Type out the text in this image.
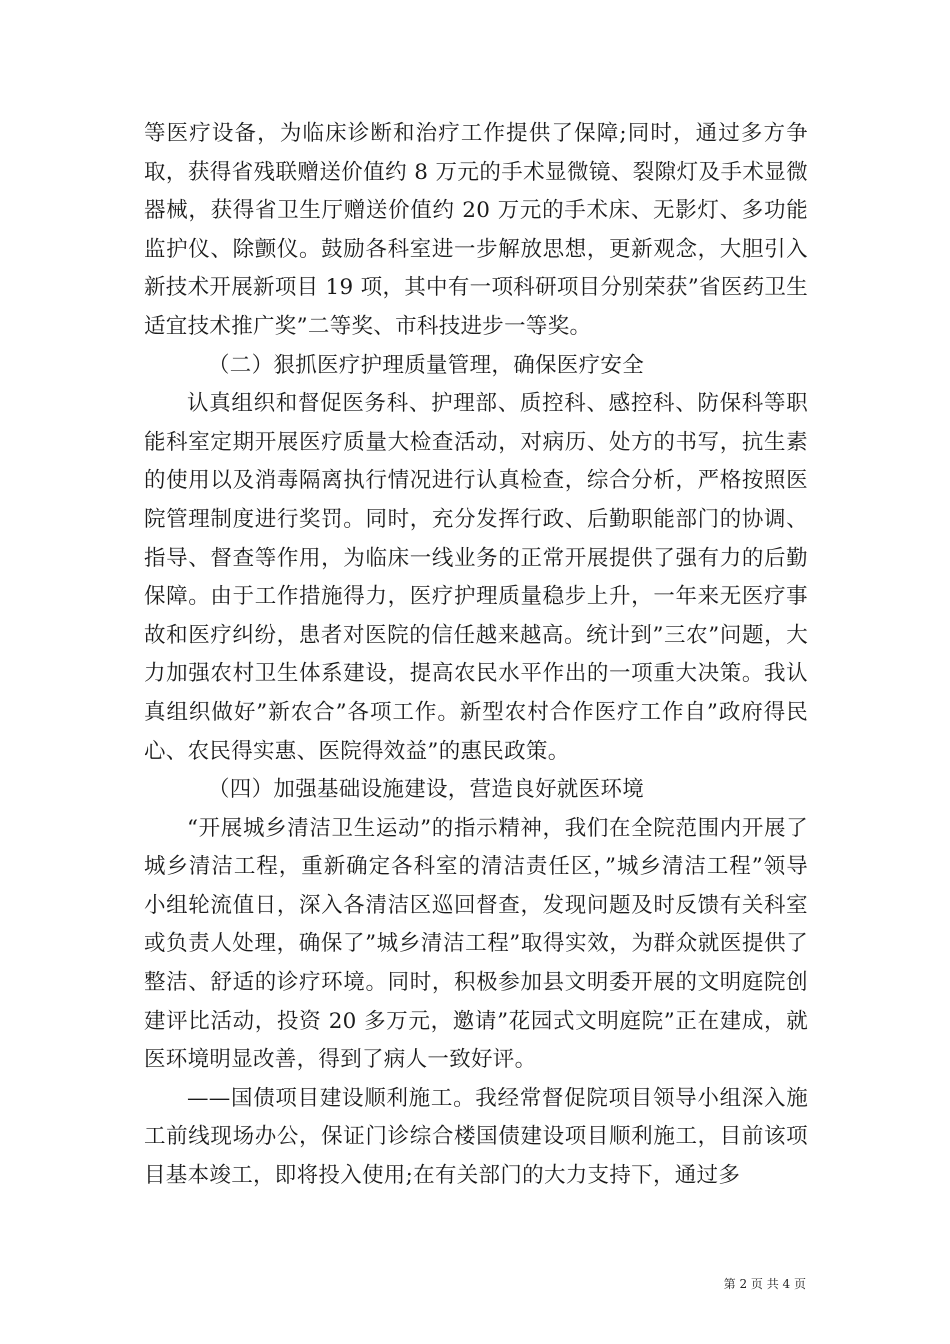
等医疗设备，为临床诊断和治疗工作提供了保障;同时，通过多方争取，获得省残联赠送价值约 8 万元的手术显微镜、裂隙灯及手术显微器械，获得省卫生厅赠送价值约 20 万元的手术床、无影灯、多功能监护仪、除颤仪。鼓励各科室进一步解放思想，更新观念，大胆引入新技术开展新项目 19 项，其中有一项科研项目分别荣获”省医药卫生适宜技术推广奖”二等奖、市科技进步一等奖。

（二）狠抓医疗护理质量管理，确保医疗安全

认真组织和督促医务科、护理部、质控科、感控科、防保科等职能科室定期开展医疗质量大检查活动，对病历、处方的书写，抗生素的使用以及消毒隔离执行情况进行认真检查，综合分析，严格按照医院管理制度进行奖罚。同时，充分发挥行政、后勤职能部门的协调、指导、督查等作用，为临床一线业务的正常开展提供了强有力的后勤保障。由于工作措施得力，医疗护理质量稳步上升，一年来无医疗事故和医疗纠纷，患者对医院的信任越来越高。统计到”三农”问题，大力加强农村卫生体系建设，提高农民水平作出的一项重大决策。我认真组织做好”新农合”各项工作。新型农村合作医疗工作自”政府得民心、农民得实惠、医院得效益”的惠民政策。

（四）加强基础设施建设，营造良好就医环境

“开展城乡清洁卫生运动”的指示精神，我们在全院范围内开展了城乡清洁工程，重新确定各科室的清洁责任区，”城乡清洁工程”领导小组轮流值日，深入各清洁区巡回督查，发现问题及时反馈有关科室或负责人处理，确保了”城乡清洁工程”取得实效，为群众就医提供了整洁、舒适的诊疗环境。同时，积极参加县文明委开展的文明庭院创建评比活动，投资 20 多万元，邀请”花园式文明庭院”正在建成，就医环境明显改善，得到了病人一致好评。

——国债项目建设顺利施工。我经常督促院项目领导小组深入施工前线现场办公，保证门诊综合楼国债建设项目顺利施工，目前该项目基本竣工，即将投入使用;在有关部门的大力支持下，通过多

第 2 页 共 4 页
